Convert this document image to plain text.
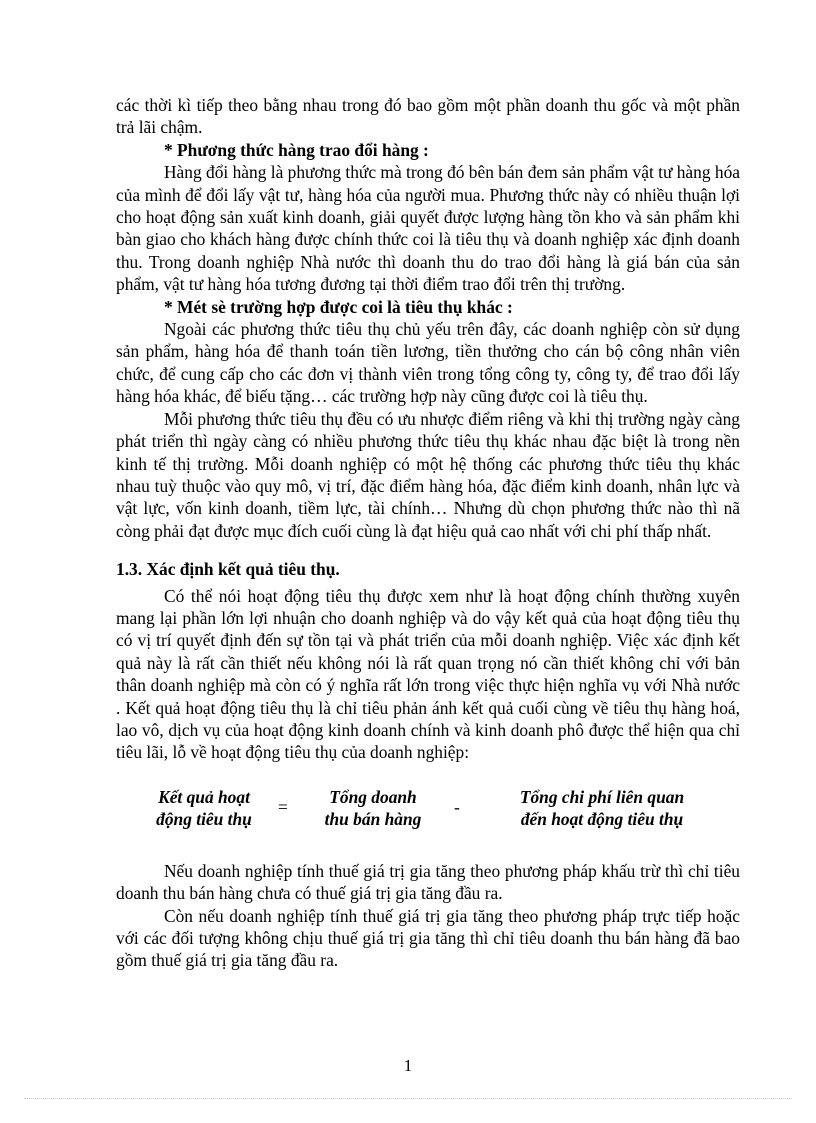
các thời kì tiếp theo bằng nhau trong đó bao gồm một phần doanh thu gốc và một phần trả lãi chậm.

* Phương thức hàng trao đổi hàng :

Hàng đổi hàng là phương thức mà trong đó bên bán đem sản phẩm vật tư hàng hóa của mình để đổi lấy vật tư, hàng hóa của người mua. Phương thức này có nhiều thuận lợi cho hoạt động sản xuất kinh doanh, giải quyết được lượng hàng tồn kho và sản phẩm khi bàn giao cho khách hàng được chính thức coi là tiêu thụ và doanh nghiệp xác định doanh thu. Trong doanh nghiệp Nhà nước thì doanh thu do trao đổi hàng là giá bán của sản phẩm, vật tư hàng hóa tương đương tại thời điểm trao đổi trên thị trường.

* Mét sè trường hợp được coi là tiêu thụ khác :

Ngoài các phương thức tiêu thụ chủ yếu trên đây, các doanh nghiệp còn sử dụng sản phẩm, hàng hóa để thanh toán tiền lương, tiền thưởng cho cán bộ công nhân viên chức, để cung cấp cho các đơn vị thành viên trong tổng công ty, công ty, để trao đổi lấy hàng hóa khác, để biếu tặng… các trường hợp này cũng được coi là tiêu thụ.

Mỗi phương thức tiêu thụ đều có ưu nhược điểm riêng và khi thị trường ngày càng phát triển thì ngày càng có nhiều phương thức tiêu thụ khác nhau đặc biệt là trong nền kinh tế thị trường. Mỗi doanh nghiệp có một hệ thống các phương thức tiêu thụ khác nhau tuỳ thuộc vào quy mô, vị trí, đặc điểm hàng hóa, đặc điểm kinh doanh, nhân lực và vật lực, vốn kinh doanh, tiềm lực, tài chính… Nhưng dù chọn phương thức nào thì nã còng phải đạt được mục đích cuối cùng là đạt hiệu quả cao nhất với chi phí thấp nhất.

1.3. Xác định kết quả tiêu thụ.

Có thể nói hoạt động tiêu thụ được xem như là hoạt động chính thường xuyên mang lại phần lớn lợi nhuận cho doanh nghiệp và do vậy kết quả của hoạt động tiêu thụ có vị trí quyết định đến sự tồn tại và phát triển của mỗi doanh nghiệp. Việc xác định kết quả này là rất cần thiết nếu không nói là rất quan trọng nó cần thiết không chỉ với bản thân doanh nghiệp mà còn có ý nghĩa rất lớn trong việc thực hiện nghĩa vụ với Nhà nước . Kết quả hoạt động tiêu thụ là chỉ tiêu phản ánh kết quả cuối cùng về tiêu thụ hàng hoá, lao vô, dịch vụ của hoạt động kinh doanh chính và kinh doanh phô được thể hiện qua chỉ tiêu lãi, lỗ về hoạt động tiêu thụ của doanh nghiệp:

Kết quả hoạt
động tiêu thụ
=	Tổng doanh
thu bán hàng
-	Tổng chi phí liên quan
đến hoạt động tiêu thụ

Nếu doanh nghiệp tính thuế giá trị gia tăng theo phương pháp khấu trừ thì chỉ tiêu doanh thu bán hàng chưa có thuế giá trị gia tăng đầu ra.

Còn nếu doanh nghiệp tính thuế giá trị gia tăng theo phương pháp trực tiếp hoặc với các đối tượng không chịu thuế giá trị gia tăng thì chỉ tiêu doanh thu bán hàng đã bao gồm thuế giá trị gia tăng đầu ra.

1
